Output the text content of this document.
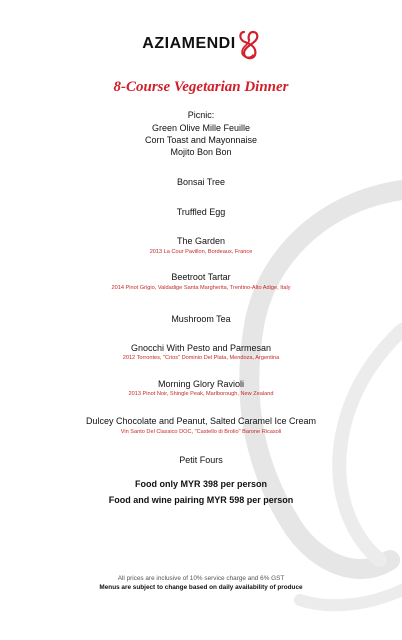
AZIAMENDI
8-Course Vegetarian Dinner
Picnic:
Green Olive Mille Feuille
Corn Toast and Mayonnaise
Mojito Bon Bon
Bonsai Tree
Truffled Egg
The Garden
2013 La Cour Pavillon, Bordeaux, France
Beetroot Tartar
2014 Pinot Grigio, Valdadige Santa Margherita, Trentino-Alto Adige, Italy
Mushroom Tea
Gnocchi With Pesto and Parmesan
2012 Torrontes, "Crios" Dominio Del Plata, Mendoza, Argentina
Morning Glory Ravioli
2013 Pinot Noir, Shingle Peak, Marlborough, New Zealand
Dulcey Chocolate and Peanut, Salted Caramel Ice Cream
Vin Santo Del Classico DOC, "Castello di Brolio" Barone Ricasoli
Petit Fours
Food only MYR 398 per person
Food and wine pairing MYR 598 per person
All prices are inclusive of 10% service charge and 6% GST
Menus are subject to change based on daily availability of produce
